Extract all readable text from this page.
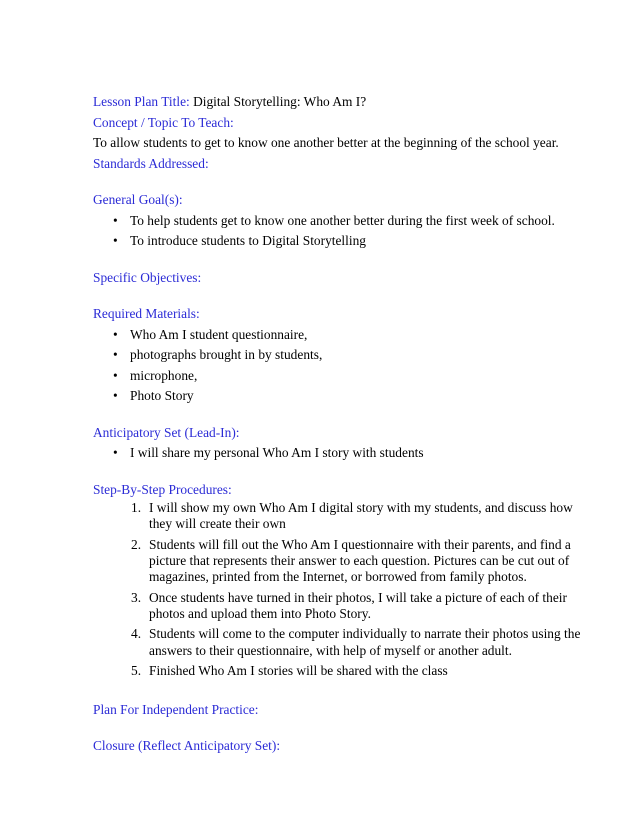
Lesson Plan Title: Digital Storytelling: Who Am I?

Concept / Topic To Teach:

To allow students to get to know one another better at the beginning of the school year.

Standards Addressed:

General Goal(s):

• To help students get to know one another better during the first week of school.
• To introduce students to Digital Storytelling

Specific Objectives:

Required Materials:

• Who Am I student questionnaire,
• photographs brought in by students,
• microphone,
• Photo Story

Anticipatory Set (Lead-In):

• I will share my personal Who Am I story with students

Step-By-Step Procedures:

1. I will show my own Who Am I digital story with my students, and discuss how they will create their own
2. Students will fill out the Who Am I questionnaire with their parents, and find a picture that represents their answer to each question. Pictures can be cut out of magazines, printed from the Internet, or borrowed from family photos.
3. Once students have turned in their photos, I will take a picture of each of their photos and upload them into Photo Story.
4. Students will come to the computer individually to narrate their photos using the answers to their questionnaire, with help of myself or another adult.
5. Finished Who Am I stories will be shared with the class

Plan For Independent Practice:

Closure (Reflect Anticipatory Set):
